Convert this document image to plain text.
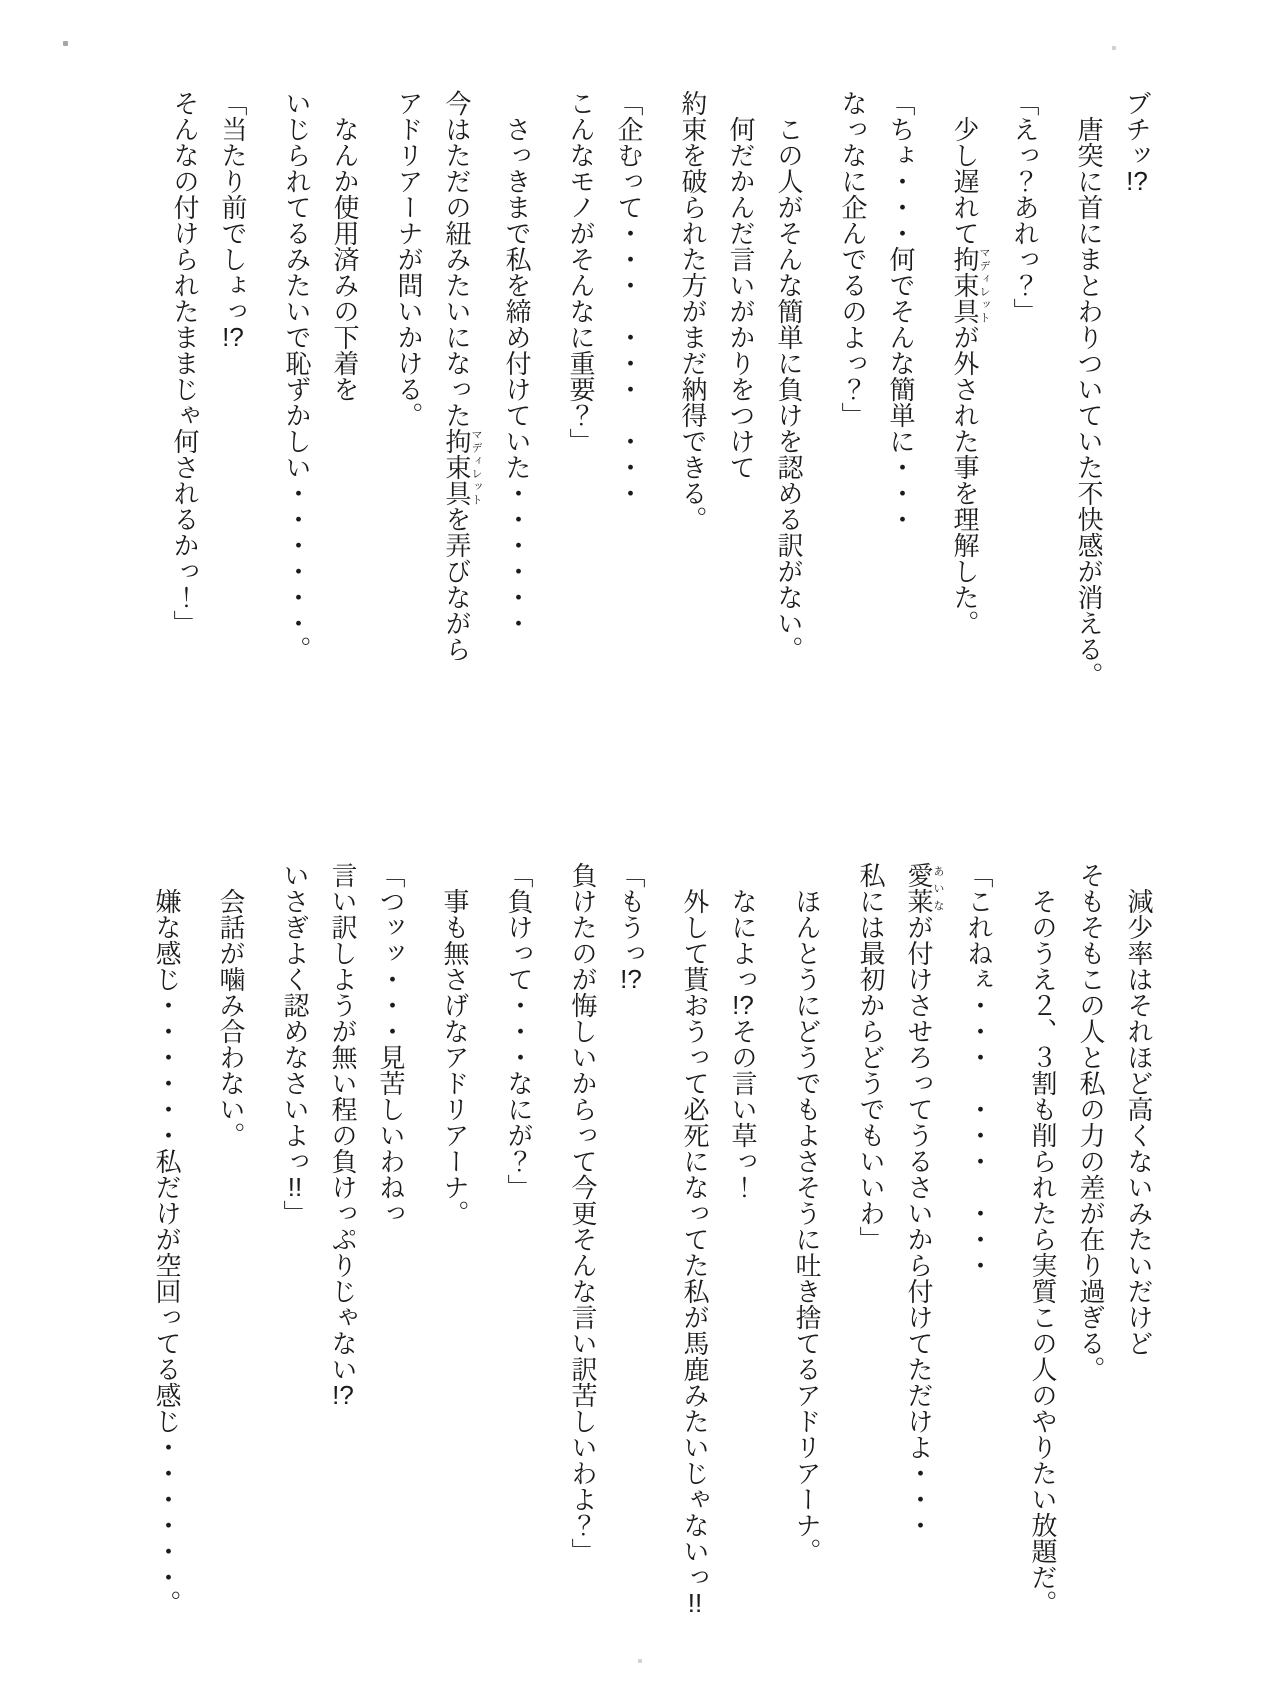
ブチッ!?

唐突に首にまとわりついていた不快感が消える。

「えっ？あれっ？」

少し遅れて拘束具マディレットが外された事を理解した。

「ちょ・・・何でそんな簡単に・・・

なっなに企んでるのよっ？」

この人がそんな簡単に負けを認める訳がない。

何だかんだ言いがかりをつけて

約束を破られた方がまだ納得できる。

「企むって・・・　・・・　・・・

こんなモノがそんなに重要？」

さっきまで私を締め付けていた・・・・・・

今はただの紐みたいになった拘束具マディレットを弄びながら

アドリアーナが問いかける。

なんか使用済みの下着を

いじられてるみたいで恥ずかしい・・・・・・。

「当たり前でしょっ!?

そんなの付けられたままじゃ何されるかっ！」

減少率はそれほど高くないみたいだけど

そもそもこの人と私の力の差が在り過ぎる。

そのうえ２、３割も削られたら実質この人のやりたい放題だ。

「これねぇ・・・　・・・　・・・

愛莱あいなが付けさせろってうるさいから付けてただけよ・・・

私には最初からどうでもいいわ」

ほんとうにどうでもよさそうに吐き捨てるアドリアーナ。

なによっ!?その言い草っ！

外して貰おうって必死になってた私が馬鹿みたいじゃないっ!!

「もうっ!?

負けたのが悔しいからって今更そんな言い訳苦しいわよ？」

「負けって・・・なにが？」

事も無さげなアドリアーナ。

「つッッ・・・見苦しいわねっ

言い訳しようが無い程の負けっぷりじゃない!?

いさぎよく認めなさいよっ!!」

会話が噛み合わない。

嫌な感じ・・・・・・私だけが空回ってる感じ・・・・・・。
